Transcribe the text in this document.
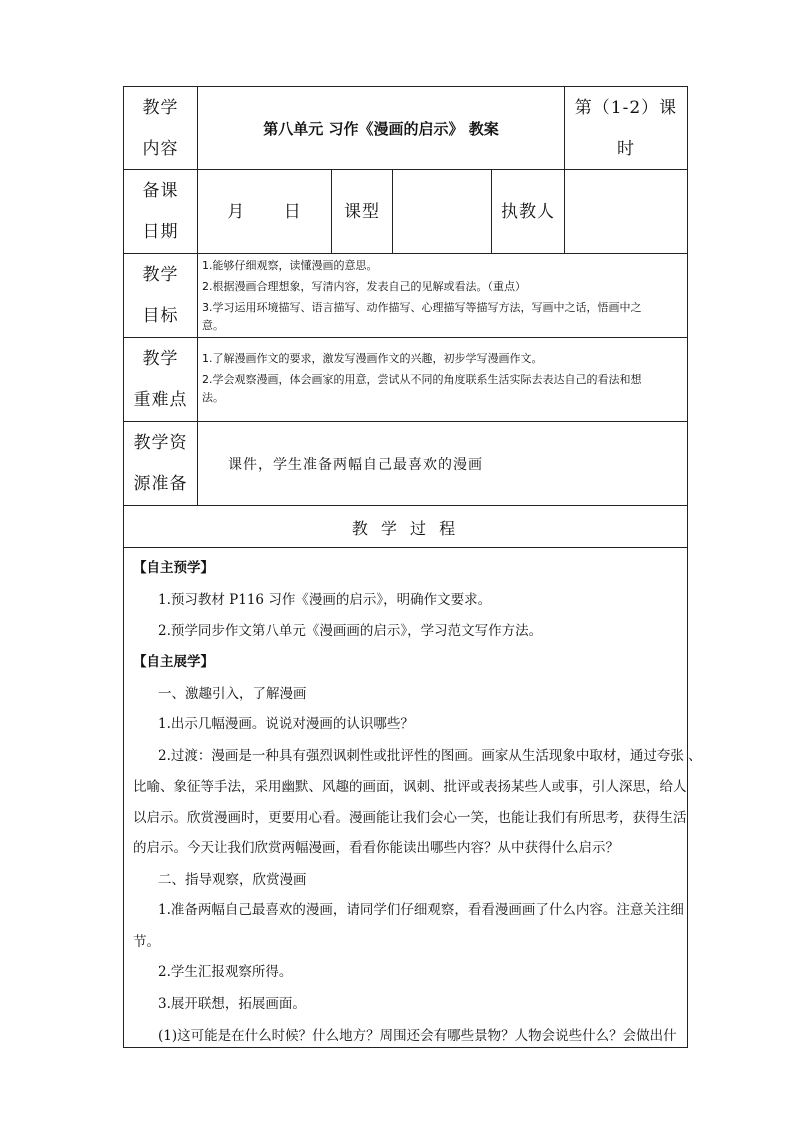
教学
内容
第八单元 习作《漫画的启示》 教案
第（1-2）课
时
备课
日期
月      日	课型	执教人
教学
目标
1.能够仔细观察，读懂漫画的意思。
2.根据漫画合理想象，写清内容，发表自己的见解或看法。（重点）
3.学习运用环境描写、语言描写、动作描写、心理描写等描写方法，写画中之话，悟画中之
意。
教学
重难点
1.了解漫画作文的要求，激发写漫画作文的兴趣，初步学写漫画作文。
2.学会观察漫画，体会画家的用意，尝试从不同的角度联系生活实际去表达自己的看法和想
法。
教学资
源准备
课件，学生准备两幅自己最喜欢的漫画
教 学 过 程
【自主预学】
1.预习教材 P116 习作《漫画的启示》，明确作文要求。
2.预学同步作文第八单元《漫画画的启示》，学习范文写作方法。
【自主展学】
一、激趣引入，了解漫画
1.出示几幅漫画。说说对漫画的认识哪些？
2.过渡：漫画是一种具有强烈讽刺性或批评性的图画。画家从生活现象中取材，通过夸张 、
比喻、象征等手法，采用幽默、风趣的画面，讽刺、批评或表扬某些人或事，引人深思，给人
以启示。欣赏漫画时，更要用心看。漫画能让我们会心一笑，也能让我们有所思考，获得生活
的启示。今天让我们欣赏两幅漫画，看看你能读出哪些内容？从中获得什么启示？
二、指导观察，欣赏漫画
1.准备两幅自己最喜欢的漫画，请同学们仔细观察，看看漫画画了什么内容。注意关注细
节。
2.学生汇报观察所得。
3.展开联想，拓展画面。
(1)这可能是在什么时候？什么地方？周围还会有哪些景物？人物会说些什么？会做出什
